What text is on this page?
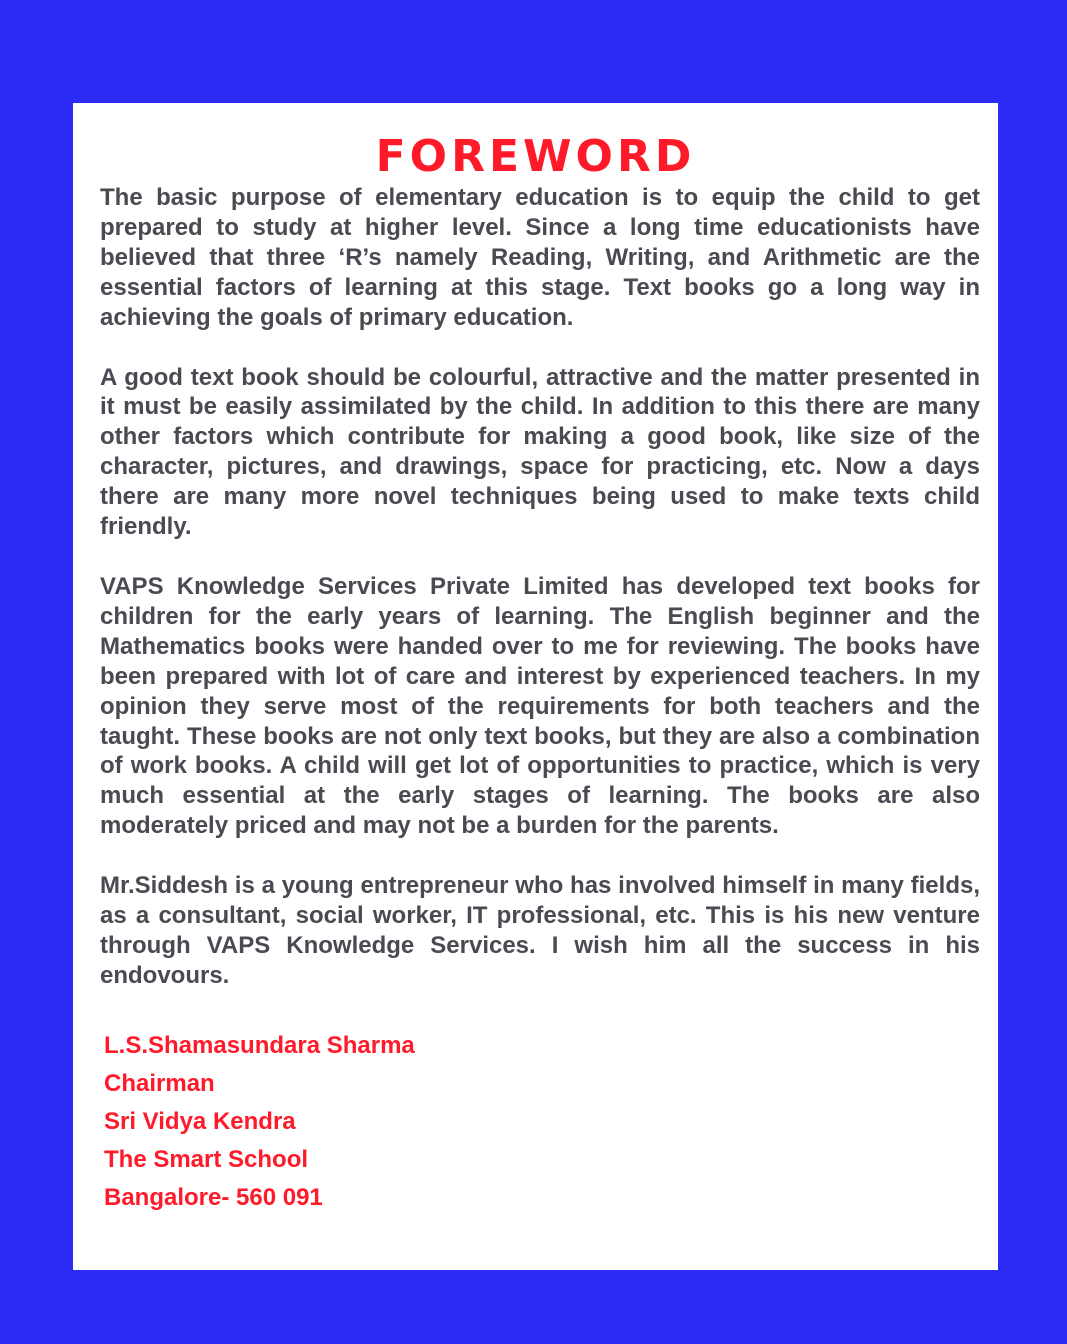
FOREWORD

The basic purpose of elementary education is to equip the child to get prepared to study at higher level. Since a long time educationists have believed that three ‘R’s namely Reading, Writing, and Arithmetic are the essential factors of learning at this stage. Text books go a long way in achieving the goals of primary education.

A good text book should be colourful, attractive and the matter presented in it must be easily assimilated by the child. In addition to this there are many other factors which contribute for making a good book, like size of the character, pictures, and drawings, space for practicing, etc. Now a days there are many more novel techniques being used to make texts child friendly.

VAPS Knowledge Services Private Limited has developed text books for children for the early years of learning. The English beginner and the Mathematics books were handed over to me for reviewing. The books have been prepared with lot of care and interest by experienced teachers. In my opinion they serve most of the requirements for both teachers and the taught. These books are not only text books, but they are also a combination of work books. A child will get lot of opportunities to practice, which is very much essential at the early stages of learning. The books are also moderately priced and may not be a burden for the parents.

Mr.Siddesh is a young entrepreneur who has involved himself in many fields, as a consultant, social worker, IT professional, etc. This is his new venture through VAPS Knowledge Services. I wish him all the success in his endovours.

L.S.Shamasundara Sharma
Chairman
Sri Vidya Kendra
The Smart School
Bangalore- 560 091
